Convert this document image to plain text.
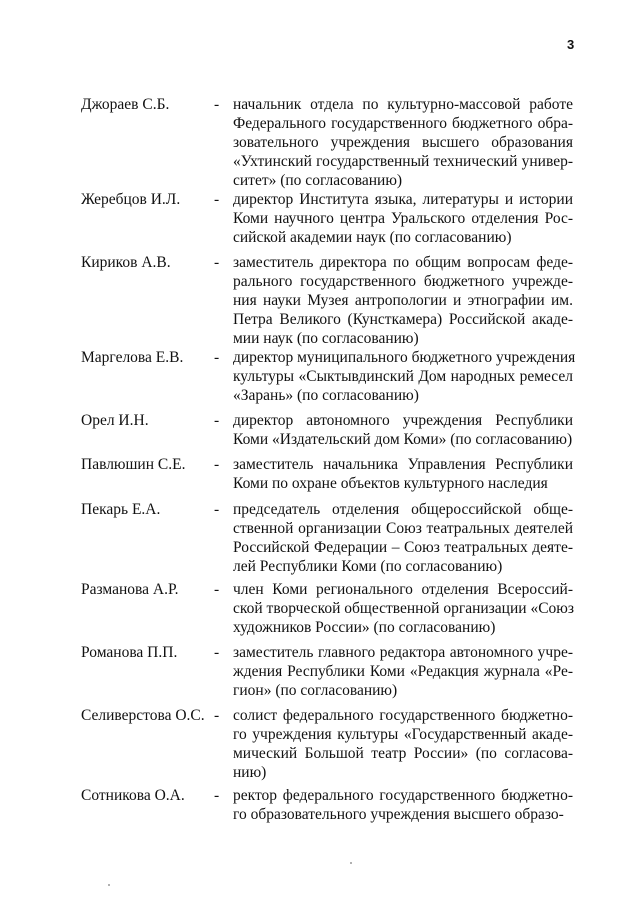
3
Джораев С.Б.	- начальник отдела по культурно-массовой работе
Федерального государственного бюджетного обра-
зовательного учреждения высшего образования
«Ухтинский государственный технический универ-
ситет» (по согласованию)
Жеребцов И.Л. - директор Института языка, литературы и истории
Коми научного центра Уральского отделения Рос-
сийской академии наук (по согласованию)
Кириков А.В.	- заместитель директора по общим вопросам феде-
рального государственного бюджетного учрежде-
ния науки Музея антропологии и этнографии им.
Петра Великого (Кунсткамера) Российской акаде-
мии наук (по согласованию)
Маргелова Е.В. - директор муниципального бюджетного учреждения
культуры «Сыктывдинский Дом народных ремесел
«Зарань» (по согласованию)
Орел И.Н.	- директор автономного учреждения Республики
Коми «Издательский дом Коми» (по согласованию)
Павлюшин С.Е. - заместитель начальника Управления Республики
Коми по охране объектов культурного наследия
Пекарь Е.А.	- председатель отделения общероссийской обще-
ственной организации Союз театральных деятелей
Российской Федерации – Союз театральных деяте-
лей Республики Коми (по согласованию)
Разманова А.Р. - член Коми регионального отделения Всероссий-
ской творческой общественной организации «Союз
художников России» (по согласованию)
Романова П.П. - заместитель главного редактора автономного учре-
ждения Республики Коми «Редакция журнала «Ре-
гион» (по согласованию)
Селиверстова О.С. - солист федерального государственного бюджетно-
го учреждения культуры «Государственный акаде-
мический Большой театр России» (по согласова-
нию)
Сотникова О.А. - ректор федерального государственного бюджетно-
го образовательного учреждения высшего образо-
